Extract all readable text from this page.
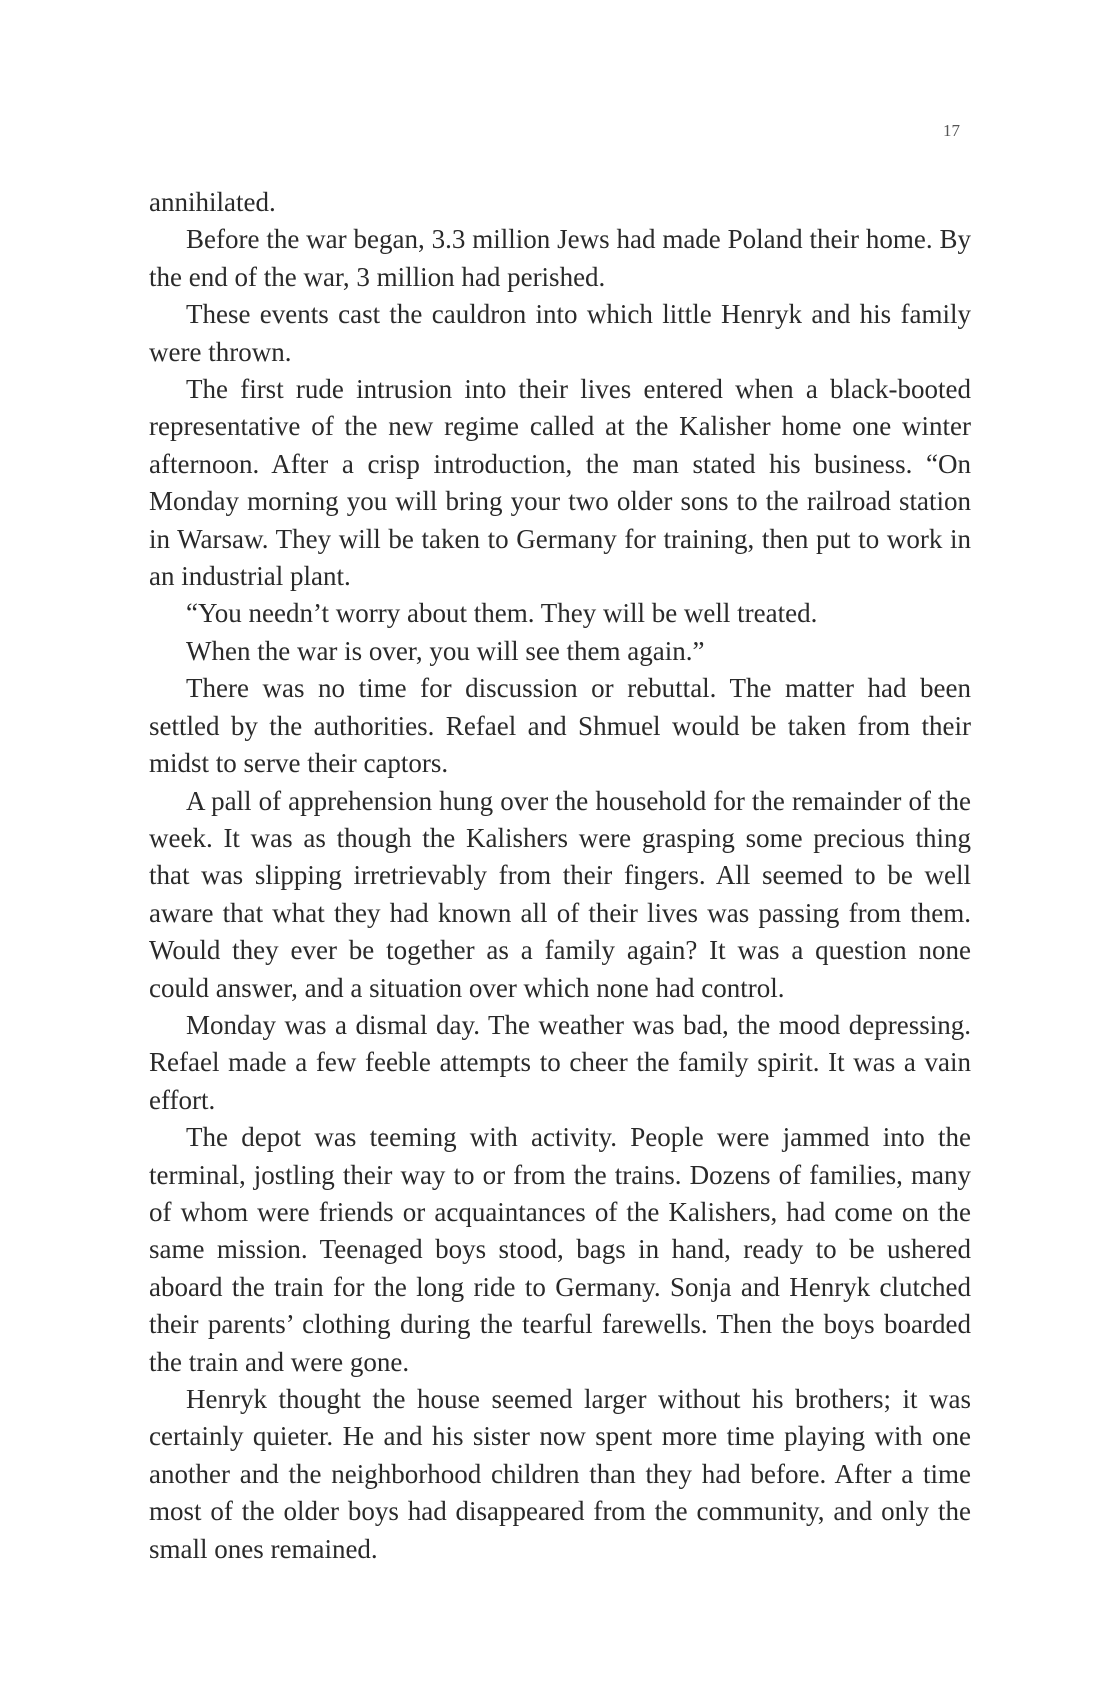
17

annihilated.

Before the war began, 3.3 million Jews had made Poland their home. By the end of the war, 3 million had perished.

These events cast the cauldron into which little Henryk and his family were thrown.

The first rude intrusion into their lives entered when a black-booted representative of the new regime called at the Kalisher home one winter afternoon. After a crisp introduction, the man stated his business. “On Monday morning you will bring your two older sons to the railroad station in Warsaw. They will be taken to Germany for training, then put to work in an industrial plant.

“You needn’t worry about them. They will be well treated.

When the war is over, you will see them again.”

There was no time for discussion or rebuttal. The matter had been settled by the authorities. Refael and Shmuel would be taken from their midst to serve their captors.

A pall of apprehension hung over the household for the remainder of the week. It was as though the Kalishers were grasping some precious thing that was slipping irretrievably from their fingers. All seemed to be well aware that what they had known all of their lives was passing from them. Would they ever be together as a family again? It was a question none could answer, and a situation over which none had control.

Monday was a dismal day. The weather was bad, the mood depressing. Refael made a few feeble attempts to cheer the family spirit. It was a vain effort.

The depot was teeming with activity. People were jammed into the terminal, jostling their way to or from the trains. Dozens of families, many of whom were friends or acquaintances of the Kalishers, had come on the same mission. Teenaged boys stood, bags in hand, ready to be ushered aboard the train for the long ride to Germany. Sonja and Henryk clutched their parents’ clothing during the tearful farewells. Then the boys boarded the train and were gone.

Henryk thought the house seemed larger without his brothers; it was certainly quieter. He and his sister now spent more time playing with one another and the neighborhood children than they had before. After a time most of the older boys had disappeared from the community, and only the small ones remained.
